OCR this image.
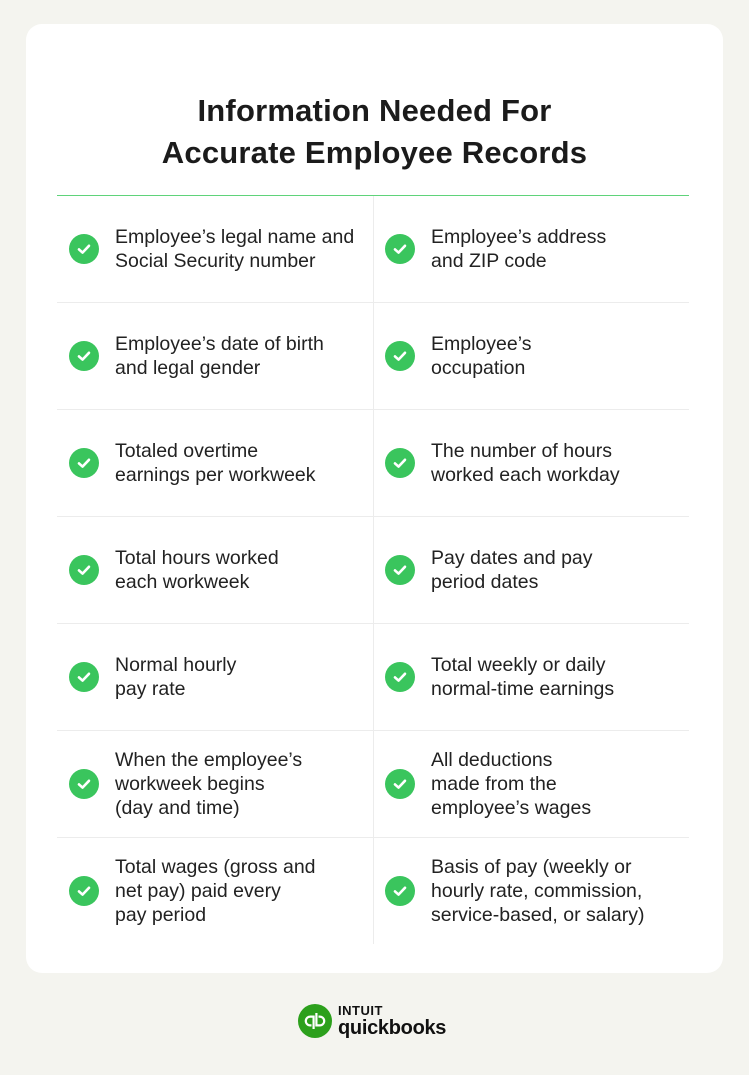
Information Needed For
Accurate Employee Records
Employee’s legal name and
Social Security number
Employee’s address
and ZIP code
Employee’s date of birth
and legal gender
Employee’s
occupation
Totaled overtime
earnings per workweek
The number of hours
worked each workday
Total hours worked
each workweek
Pay dates and pay
period dates
Normal hourly
pay rate
Total weekly or daily
normal-time earnings
When the employee’s
workweek begins
(day and time)
All deductions
made from the
employee’s wages
Total wages (gross and
net pay) paid every
pay period
Basis of pay (weekly or
hourly rate, commission,
service-based, or salary)
INTUIT
quickbooks
